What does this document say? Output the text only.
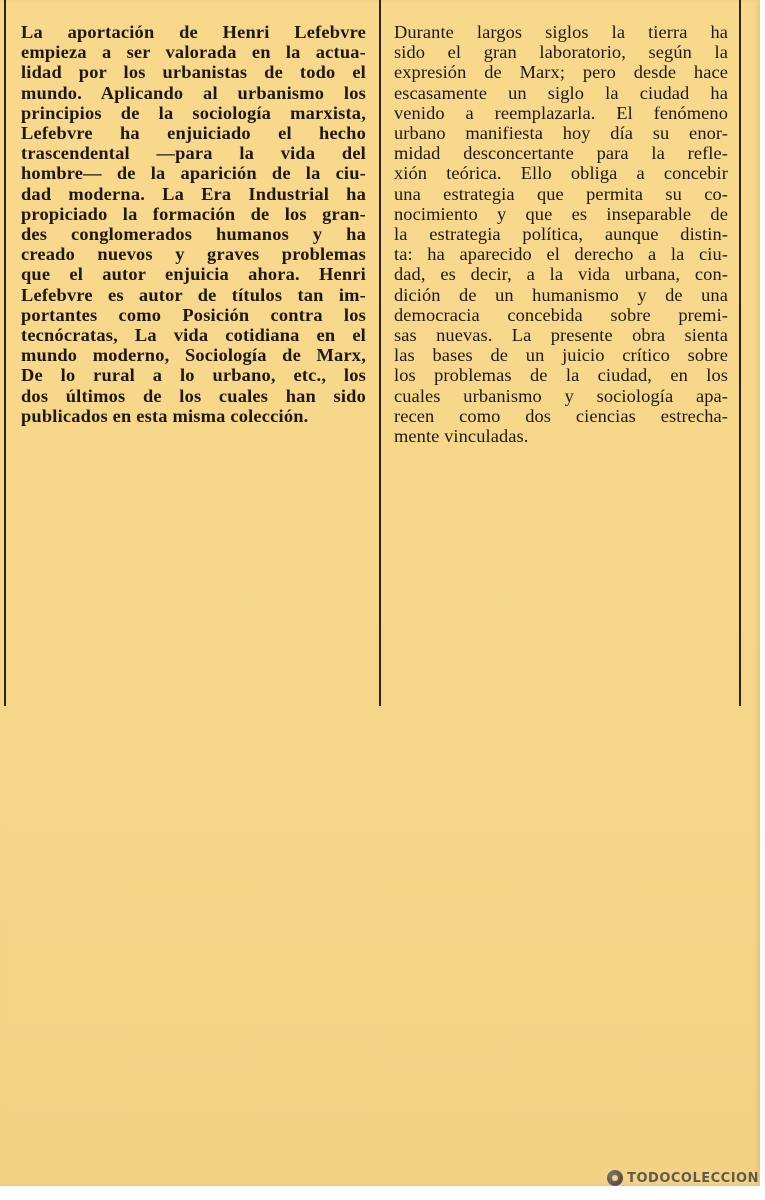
La aportación de Henri Lefebvre
empieza a ser valorada en la actua-
lidad por los urbanistas de todo el
mundo. Aplicando al urbanismo los
principios de la sociología marxista,
Lefebvre ha enjuiciado el hecho
trascendental —para la vida del
hombre— de la aparición de la ciu-
dad moderna. La Era Industrial ha
propiciado la formación de los gran-
des conglomerados humanos y ha
creado nuevos y graves problemas
que el autor enjuicia ahora. Henri
Lefebvre es autor de títulos tan im-
portantes como Posición contra los
tecnócratas, La vida cotidiana en el
mundo moderno, Sociología de Marx,
De lo rural a lo urbano, etc., los
dos últimos de los cuales han sido
publicados en esta misma colección.
Durante largos siglos la tierra ha
sido el gran laboratorio, según la
expresión de Marx; pero desde hace
escasamente un siglo la ciudad ha
venido a reemplazarla. El fenómeno
urbano manifiesta hoy día su enor-
midad desconcertante para la refle-
xión teórica. Ello obliga a concebir
una estrategia que permita su co-
nocimiento y que es inseparable de
la estrategia política, aunque distin-
ta: ha aparecido el derecho a la ciu-
dad, es decir, a la vida urbana, con-
dición de un humanismo y de una
democracia concebida sobre premi-
sas nuevas. La presente obra sienta
las bases de un juicio crítico sobre
los problemas de la ciudad, en los
cuales urbanismo y sociología apa-
recen como dos ciencias estrecha-
mente vinculadas.
TODOCOLECCION
